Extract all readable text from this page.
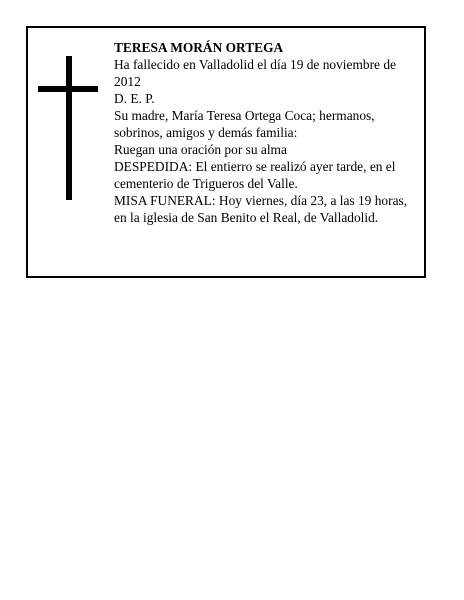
TERESA MORÁN ORTEGA

Ha fallecido en Valladolid el día 19 de noviembre de 2012

D. E. P.

Su madre, María Teresa Ortega Coca; hermanos, sobrinos, amigos y demás familia:

Ruegan una oración por su alma

DESPEDIDA: El entierro se realizó ayer tarde, en el cementerio de Trigueros del Valle.

MISA FUNERAL: Hoy viernes, día 23, a las 19 horas, en la iglesia de San Benito el Real, de Valladolid.
